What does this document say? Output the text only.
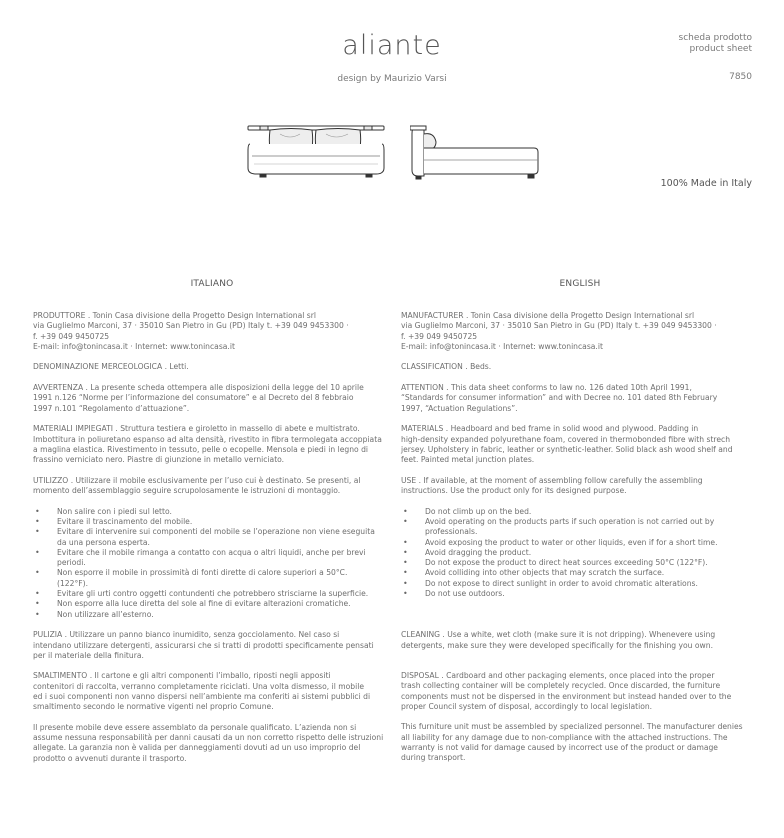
aliante
design by Maurizio Varsi
scheda prodotto
product sheet
7850
100% Made in Italy
ITALIANO

PRODUTTORE . Tonin Casa divisione della Progetto Design International srl

via Guglielmo Marconi, 37 · 35010 San Pietro in Gu (PD) Italy t. +39 049 9453300 ·

f. +39 049 9450725

E-mail: info@tonincasa.it · Internet: www.tonincasa.it

DENOMINAZIONE MERCEOLOGICA . Letti.

AVVERTENZA . La presente scheda ottempera alle disposizioni della legge del 10 aprile

1991 n.126 “Norme per l’informazione del consumatore” e al Decreto del 8 febbraio

1997 n.101 “Regolamento d’attuazione”.

MATERIALI IMPIEGATI . Struttura testiera e giroletto in massello di abete e multistrato.

Imbottitura in poliuretano espanso ad alta densità, rivestito in fibra termolegata accoppiata

a maglina elastica. Rivestimento in tessuto, pelle o ecopelle. Mensola e piedi in legno di

frassino verniciato nero. Piastre di giunzione in metallo verniciato.

UTILIZZO . Utilizzare il mobile esclusivamente per l’uso cui è destinato. Se presenti, al

momento dell’assemblaggio seguire scrupolosamente le istruzioni di montaggio.

• Non salire con i piedi sul letto.
• Evitare il trascinamento del mobile.
• Evitare di intervenire sui componenti del mobile se l’operazione non viene eseguita
da una persona esperta.
• Evitare che il mobile rimanga a contatto con acqua o altri liquidi, anche per brevi
periodi.
• Non esporre il mobile in prossimità di fonti dirette di calore superiori a 50°C.
(122°F).
• Evitare gli urti contro oggetti contundenti che potrebbero strisciarne la superficie.
• Non esporre alla luce diretta del sole al fine di evitare alterazioni cromatiche.
• Non utilizzare all’esterno.

PULIZIA . Utilizzare un panno bianco inumidito, senza gocciolamento. Nel caso si

intendano utilizzare detergenti, assicurarsi che si tratti di prodotti specificamente pensati

per il materiale della finitura.

SMALTIMENTO . Il cartone e gli altri componenti l’imballo, riposti negli appositi

contenitori di raccolta, verranno completamente riciclati. Una volta dismesso, il mobile

ed i suoi componenti non vanno dispersi nell’ambiente ma conferiti ai sistemi pubblici di

smaltimento secondo le normative vigenti nel proprio Comune.

Il presente mobile deve essere assemblato da personale qualificato. L’azienda non si

assume nessuna responsabilità per danni causati da un non corretto rispetto delle istruzioni

allegate. La garanzia non è valida per danneggiamenti dovuti ad un uso improprio del

prodotto o avvenuti durante il trasporto.

ENGLISH

MANUFACTURER . Tonin Casa divisione della Progetto Design International srl

via Guglielmo Marconi, 37 · 35010 San Pietro in Gu (PD) Italy t. +39 049 9453300 ·

f. +39 049 9450725

E-mail: info@tonincasa.it · Internet: www.tonincasa.it

CLASSIFICATION . Beds.

ATTENTION . This data sheet conforms to law no. 126 dated 10th April 1991,

“Standards for consumer information” and with Decree no. 101 dated 8th February

1997, “Actuation Regulations”.

MATERIALS . Headboard and bed frame in solid wood and plywood. Padding in

high-density expanded polyurethane foam, covered in thermobonded fibre with strech

jersey. Upholstery in fabric, leather or synthetic-leather. Solid black ash wood shelf and

feet. Painted metal junction plates.

USE . If available, at the moment of assembling follow carefully the assembling

instructions. Use the product only for its designed purpose.

• Do not climb up on the bed.
• Avoid operating on the products parts if such operation is not carried out by
professionals.
• Avoid exposing the product to water or other liquids, even if for a short time.
• Avoid dragging the product.
• Do not expose the product to direct heat sources exceeding 50°C (122°F).
• Avoid colliding into other objects that may scratch the surface.
• Do not expose to direct sunlight in order to avoid chromatic alterations.
• Do not use outdoors.

CLEANING . Use a white, wet cloth (make sure it is not dripping). Whenevere using

detergents, make sure they were developed specifically for the finishing you own.

DISPOSAL . Cardboard and other packaging elements, once placed into the proper

trash collecting container will be completely recycled. Once discarded, the furniture

components must not be dispersed in the environment but instead handed over to the

proper Council system of disposal, accordingly to local legislation.

This furniture unit must be assembled by specialized personnel. The manufacturer denies

all liability for any damage due to non-compliance with the attached instructions. The

warranty is not valid for damage caused by incorrect use of the product or damage

during transport.
